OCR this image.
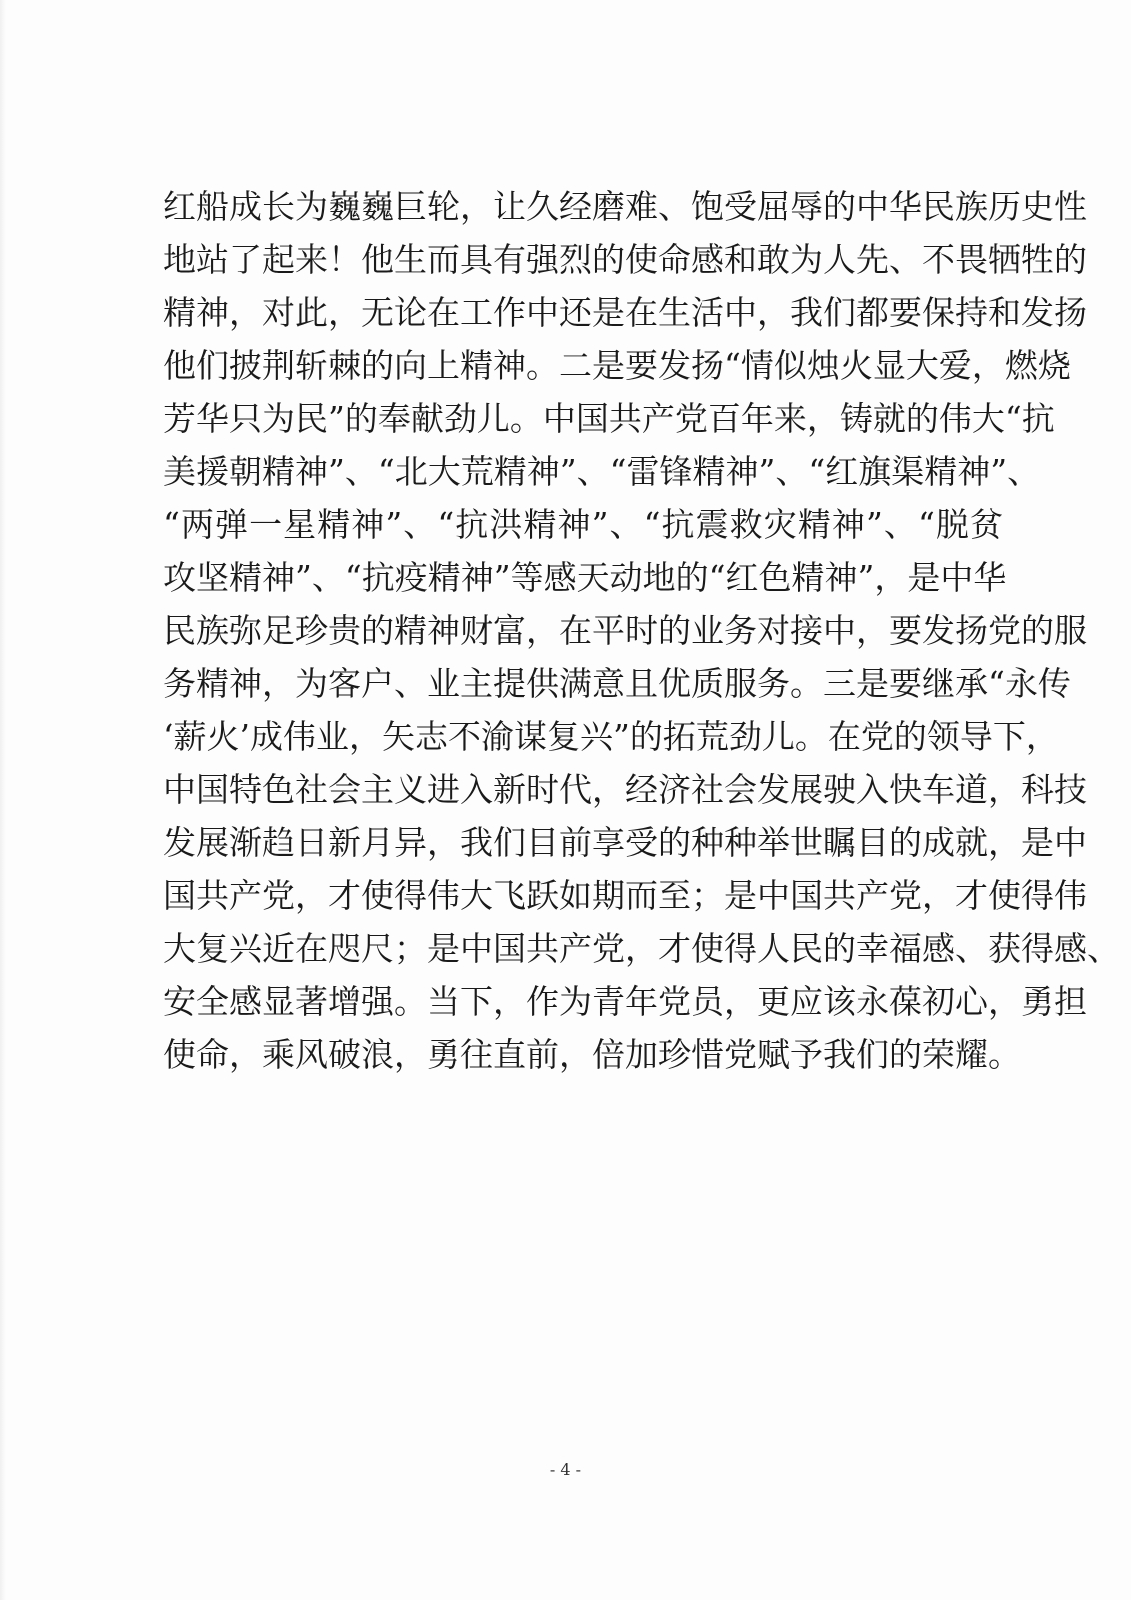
红船成长为巍巍巨轮，让久经磨难、饱受屈辱的中华民族历史性
地站了起来！他生而具有强烈的使命感和敢为人先、不畏牺牲的
精神，对此，无论在工作中还是在生活中，我们都要保持和发扬
他们披荆斩棘的向上精神。二是要发扬“情似烛火显大爱，燃烧
芳华只为民”的奉献劲儿。中国共产党百年来，铸就的伟大“抗
美援朝精神”、“北大荒精神”、“雷锋精神”、“红旗渠精神”、
“两弹一星精神”、“抗洪精神”、“抗震救灾精神”、“脱贫
攻坚精神”、“抗疫精神”等感天动地的“红色精神”，是中华
民族弥足珍贵的精神财富，在平时的业务对接中，要发扬党的服
务精神，为客户、业主提供满意且优质服务。三是要继承“永传
‘薪火’成伟业，矢志不渝谋复兴”的拓荒劲儿。在党的领导下，
中国特色社会主义进入新时代，经济社会发展驶入快车道，科技
发展渐趋日新月异，我们目前享受的种种举世瞩目的成就，是中
国共产党，才使得伟大飞跃如期而至；是中国共产党，才使得伟
大复兴近在咫尺；是中国共产党，才使得人民的幸福感、获得感、
安全感显著增强。当下，作为青年党员，更应该永葆初心，勇担
使命，乘风破浪，勇往直前，倍加珍惜党赋予我们的荣耀。
- 4 -
